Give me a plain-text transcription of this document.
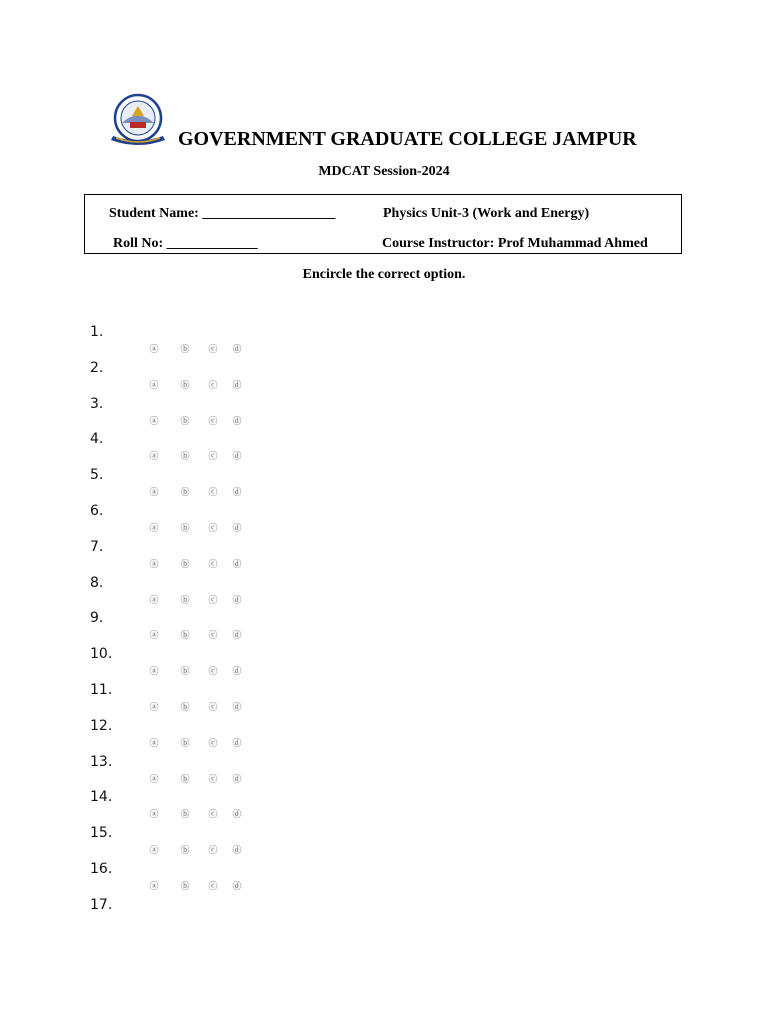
GOVERNMENT GRADUATE COLLEGE JAMPUR
MDCAT Session-2024
Student Name: ___________________	Physics Unit-3 (Work and Energy)
Roll No: _____________	Course Instructor: Prof Muhammad Ahmed
Encircle the correct option.
1.
ⓐ ⓑ ⓒ ⓓ
2.
ⓐ ⓑ ⓒ ⓓ
3.
ⓐ ⓑ ⓒ ⓓ
4.
ⓐ ⓑ ⓒ ⓓ
5.
ⓐ ⓑ ⓒ ⓓ
6.
ⓐ ⓑ ⓒ ⓓ
7.
ⓐ ⓑ ⓒ ⓓ
8.
ⓐ ⓑ ⓒ ⓓ
9.
ⓐ ⓑ ⓒ ⓓ
10.
ⓐ ⓑ ⓒ ⓓ
11.
ⓐ ⓑ ⓒ ⓓ
12.
ⓐ ⓑ ⓒ ⓓ
13.
ⓐ ⓑ ⓒ ⓓ
14.
ⓐ ⓑ ⓒ ⓓ
15.
ⓐ ⓑ ⓒ ⓓ
16.
ⓐ ⓑ ⓒ ⓓ
17.
